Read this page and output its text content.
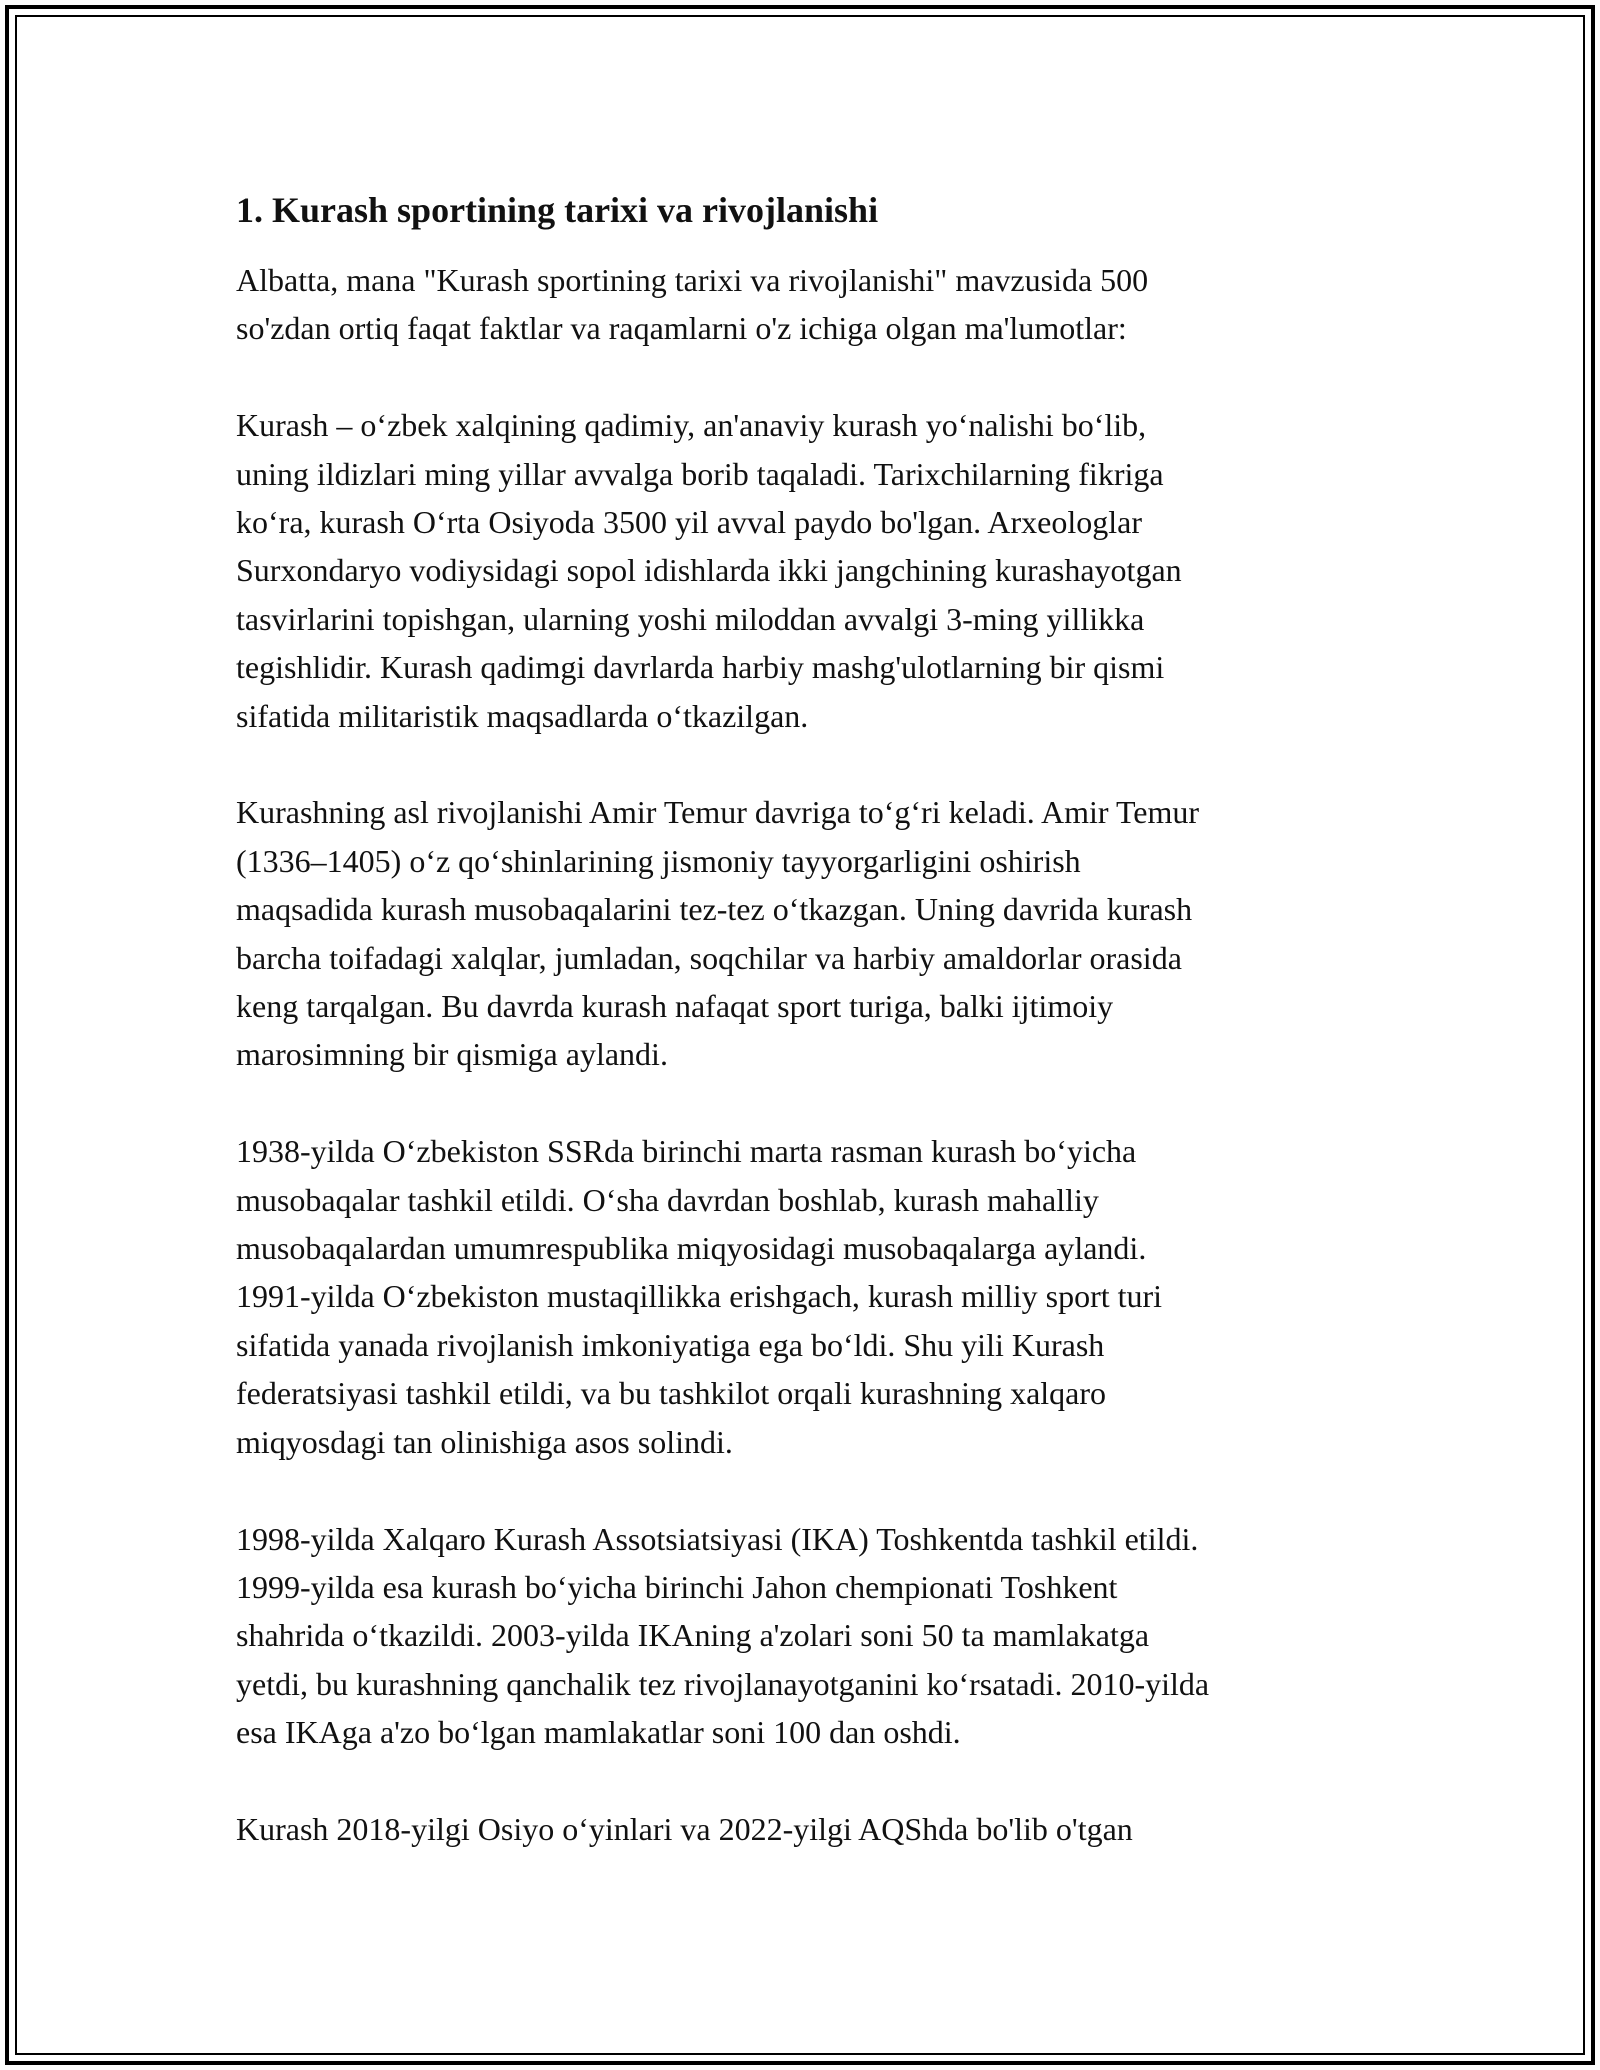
1. Kurash sportining tarixi va rivojlanishi

Albatta, mana "Kurash sportining tarixi va rivojlanishi" mavzusida 500
so'zdan ortiq faqat faktlar va raqamlarni o'z ichiga olgan ma'lumotlar:

Kurash – oʻzbek xalqining qadimiy, an'anaviy kurash yoʻnalishi boʻlib,
uning ildizlari ming yillar avvalga borib taqaladi. Tarixchilarning fikriga
koʻra, kurash Oʻrta Osiyoda 3500 yil avval paydo bo'lgan. Arxeologlar
Surxondaryo vodiysidagi sopol idishlarda ikki jangchining kurashayotgan
tasvirlarini topishgan, ularning yoshi miloddan avvalgi 3-ming yillikka
tegishlidir. Kurash qadimgi davrlarda harbiy mashg'ulotlarning bir qismi
sifatida militaristik maqsadlarda oʻtkazilgan.

Kurashning asl rivojlanishi Amir Temur davriga toʻgʻri keladi. Amir Temur
(1336–1405) oʻz qoʻshinlarining jismoniy tayyorgarligini oshirish
maqsadida kurash musobaqalarini tez-tez oʻtkazgan. Uning davrida kurash
barcha toifadagi xalqlar, jumladan, soqchilar va harbiy amaldorlar orasida
keng tarqalgan. Bu davrda kurash nafaqat sport turiga, balki ijtimoiy
marosimning bir qismiga aylandi.

1938-yilda Oʻzbekiston SSRda birinchi marta rasman kurash boʻyicha
musobaqalar tashkil etildi. Oʻsha davrdan boshlab, kurash mahalliy
musobaqalardan umumrespublika miqyosidagi musobaqalarga aylandi.
1991-yilda Oʻzbekiston mustaqillikka erishgach, kurash milliy sport turi
sifatida yanada rivojlanish imkoniyatiga ega boʻldi. Shu yili Kurash
federatsiyasi tashkil etildi, va bu tashkilot orqali kurashning xalqaro
miqyosdagi tan olinishiga asos solindi.

1998-yilda Xalqaro Kurash Assotsiatsiyasi (IKA) Toshkentda tashkil etildi.
1999-yilda esa kurash boʻyicha birinchi Jahon chempionati Toshkent
shahrida oʻtkazildi. 2003-yilda IKAning a'zolari soni 50 ta mamlakatga
yetdi, bu kurashning qanchalik tez rivojlanayotganini koʻrsatadi. 2010-yilda
esa IKAga a'zo boʻlgan mamlakatlar soni 100 dan oshdi.

Kurash 2018-yilgi Osiyo oʻyinlari va 2022-yilgi AQShda bo'lib o'tgan
